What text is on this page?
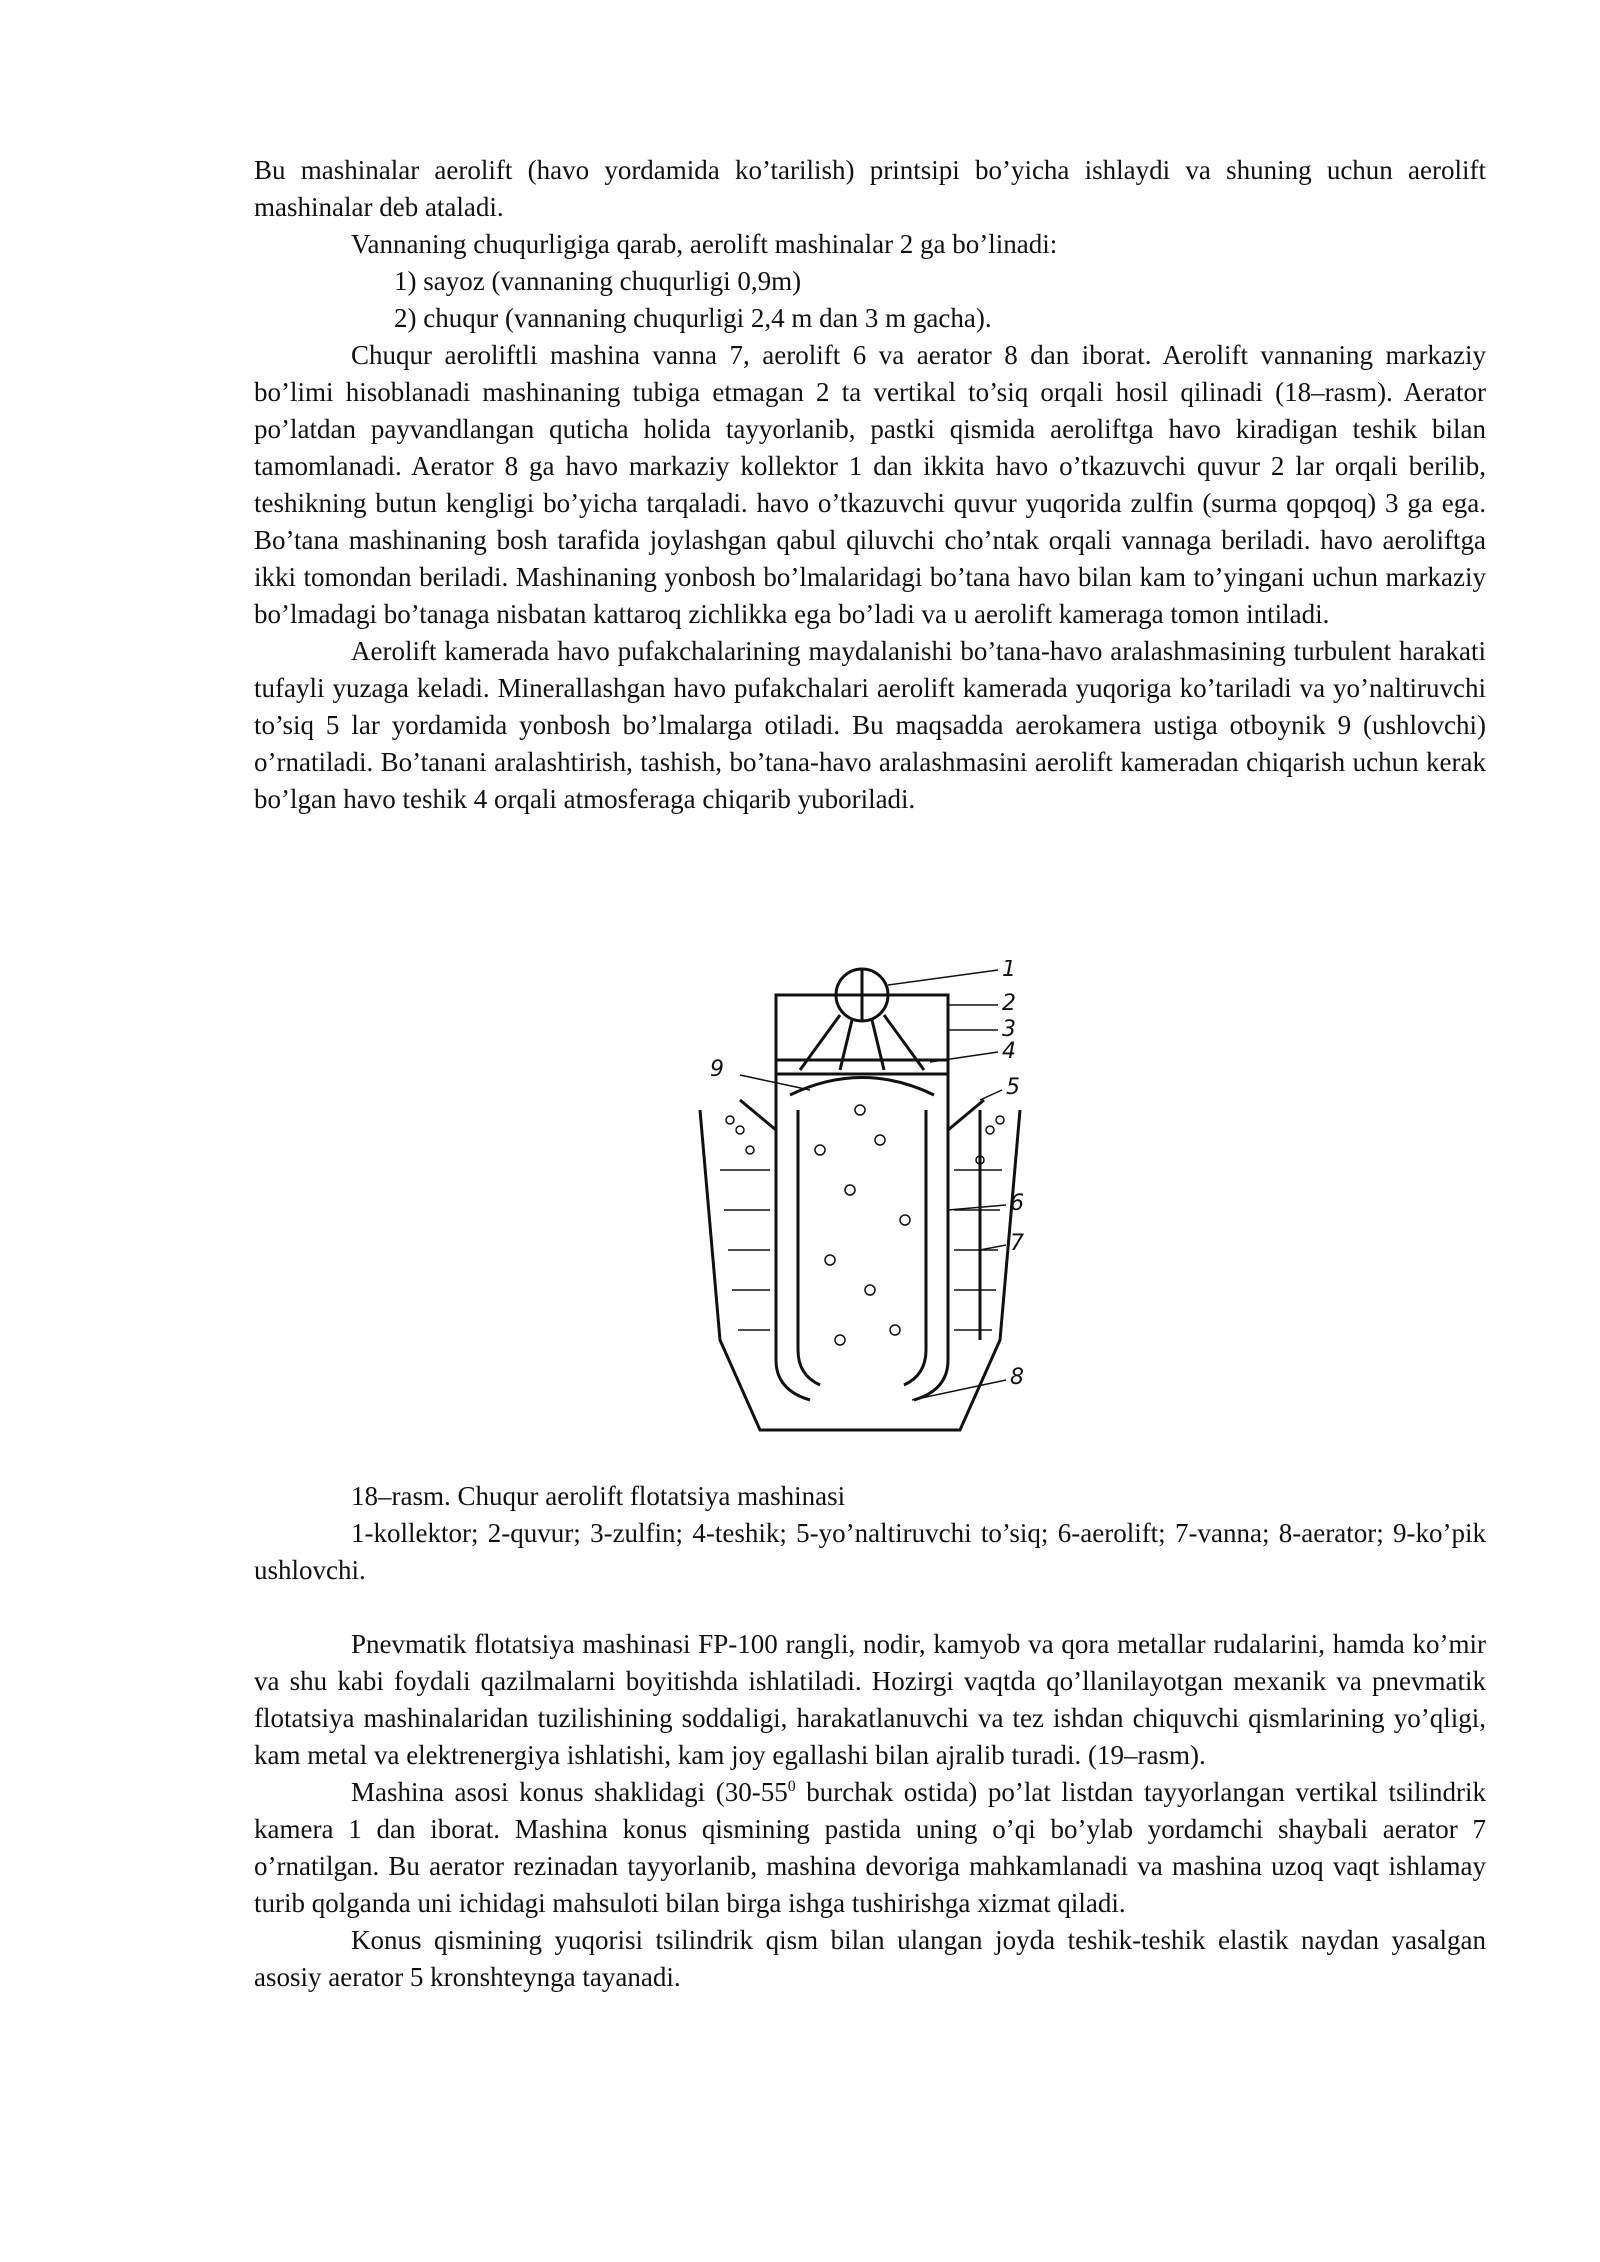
Bu mashinalar aerolift (havo yordamida ko’tarilish) printsipi bo’yicha ishlaydi va shuning uchun aerolift mashinalar deb ataladi.

Vannaning chuqurligiga qarab, aerolift mashinalar 2 ga bo’linadi:

1) sayoz (vannaning chuqurligi 0,9m)

2) chuqur (vannaning chuqurligi 2,4 m dan 3 m gacha).

Chuqur aeroliftli mashina vanna 7, aerolift 6 va aerator 8 dan iborat. Aerolift vannaning markaziy bo’limi hisoblanadi mashinaning tubiga etmagan 2 ta vertikal to’siq orqali hosil qilinadi (18–rasm). Aerator po’latdan payvandlangan quticha holida tayyorlanib, pastki qismida aeroliftga havo kiradigan teshik bilan tamomlanadi. Aerator 8 ga havo markaziy kollektor 1 dan ikkita havo o’tkazuvchi quvur 2 lar orqali berilib, teshikning butun kengligi bo’yicha tarqaladi. havo o’tkazuvchi quvur yuqorida zulfin (surma qopqoq) 3 ga ega. Bo’tana mashinaning bosh tarafida joylashgan qabul qiluvchi cho’ntak orqali vannaga beriladi. havo aeroliftga ikki tomondan beriladi. Mashinaning yonbosh bo’lmalaridagi bo’tana havo bilan kam to’yingani uchun markaziy bo’lmadagi bo’tanaga nisbatan kattaroq zichlikka ega bo’ladi va u aerolift kameraga tomon intiladi.

Aerolift kamerada havo pufakchalarining maydalanishi bo’tana-havo aralashmasining turbulent harakati tufayli yuzaga keladi. Minerallashgan havo pufakchalari aerolift kamerada yuqoriga ko’tariladi va yo’naltiruvchi to’siq 5 lar yordamida yonbosh bo’lmalarga otiladi. Bu maqsadda aerokamera ustiga otboynik 9 (ushlovchi) o’rnatiladi. Bo’tanani aralashtirish, tashish, bo’tana-havo aralashmasini aerolift kameradan chiqarish uchun kerak bo’lgan havo teshik 4 orqali atmosferaga chiqarib yuboriladi.

1
2
3
4
5
6
7
8
9

18–rasm. Chuqur aerolift flotatsiya mashinasi

1-kollektor; 2-quvur; 3-zulfin; 4-teshik; 5-yo’naltiruvchi to’siq; 6-aerolift; 7-vanna; 8-aerator; 9-ko’pik ushlovchi.

Pnevmatik flotatsiya mashinasi FP-100 rangli, nodir, kamyob va qora metallar rudalarini, hamda ko’mir va shu kabi foydali qazilmalarni boyitishda ishlatiladi. Hozirgi vaqtda qo’llanilayotgan mexanik va pnevmatik flotatsiya mashinalaridan tuzilishining soddaligi, harakatlanuvchi va tez ishdan chiquvchi qismlarining yo’qligi, kam metal va elektrenergiya ishlatishi, kam joy egallashi bilan ajralib turadi. (19–rasm).

Mashina asosi konus shaklidagi ($30-55^0$ burchak ostida) po’lat listdan tayyorlangan vertikal tsilindrik kamera 1 dan iborat. Mashina konus qismining pastida uning o’qi bo’ylab yordamchi shaybali aerator 7 o’rnatilgan. Bu aerator rezinadan tayyorlanib, mashina devoriga mahkamlanadi va mashina uzoq vaqt ishlamay turib qolganda uni ichidagi mahsuloti bilan birga ishga tushirishga xizmat qiladi.

Konus qismining yuqorisi tsilindrik qism bilan ulangan joyda teshik-teshik elastik naydan yasalgan asosiy aerator 5 kronshteynga tayanadi.
